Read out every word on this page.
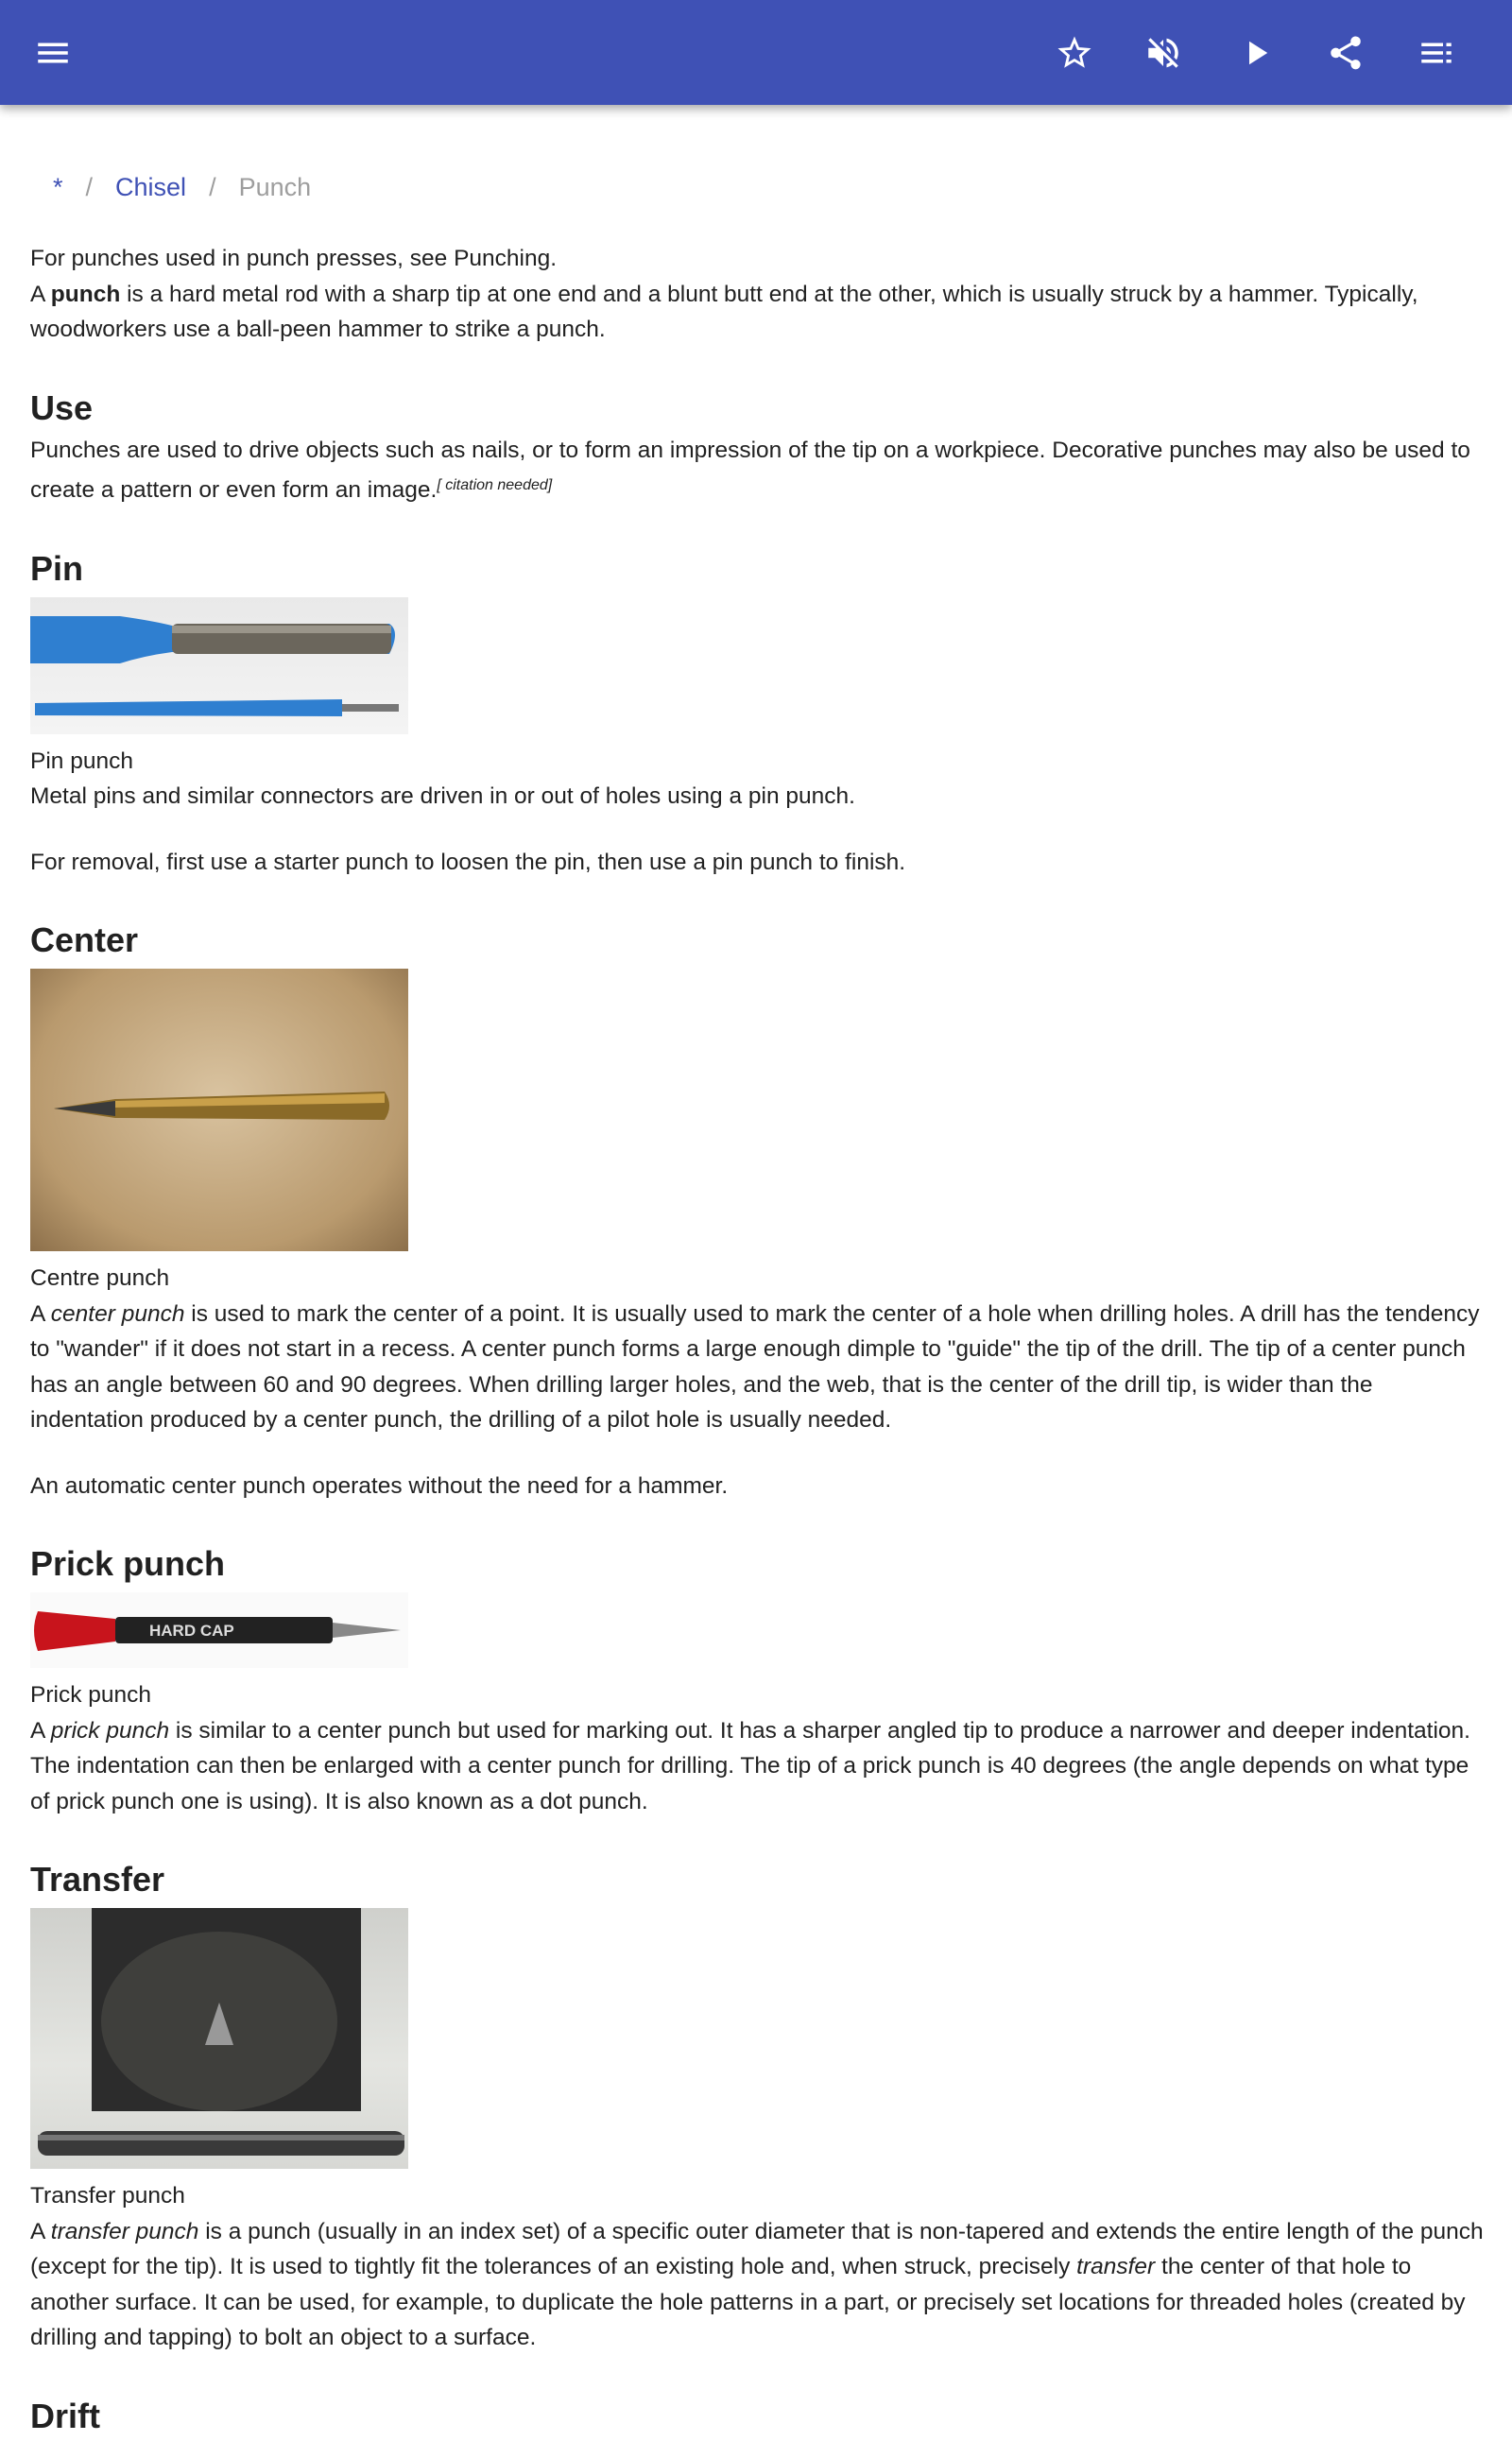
* / Chisel / Punch

For punches used in punch presses, see Punching.

A punch is a hard metal rod with a sharp tip at one end and a blunt butt end at the other, which is usually struck by a hammer. Typically, woodworkers use a ball-peen hammer to strike a punch.

Use

Punches are used to drive objects such as nails, or to form an impression of the tip on a workpiece. Decorative punches may also be used to create a pattern or even form an image.[ citation needed]

Pin

Pin punch

Metal pins and similar connectors are driven in or out of holes using a pin punch.

For removal, first use a starter punch to loosen the pin, then use a pin punch to finish.

Center

Centre punch

A center punch is used to mark the center of a point. It is usually used to mark the center of a hole when drilling holes. A drill has the tendency to "wander" if it does not start in a recess. A center punch forms a large enough dimple to "guide" the tip of the drill. The tip of a center punch has an angle between 60 and 90 degrees. When drilling larger holes, and the web, that is the center of the drill tip, is wider than the indentation produced by a center punch, the drilling of a pilot hole is usually needed.

An automatic center punch operates without the need for a hammer.

Prick punch
HARD CAP

Prick punch

A prick punch is similar to a center punch but used for marking out. It has a sharper angled tip to produce a narrower and deeper indentation. The indentation can then be enlarged with a center punch for drilling. The tip of a prick punch is 40 degrees (the angle depends on what type of prick punch one is using). It is also known as a dot punch.

Transfer

Transfer punch

A transfer punch is a punch (usually in an index set) of a specific outer diameter that is non-tapered and extends the entire length of the punch (except for the tip). It is used to tightly fit the tolerances of an existing hole and, when struck, precisely transfer the center of that hole to another surface. It can be used, for example, to duplicate the hole patterns in a part, or precisely set locations for threaded holes (created by drilling and tapping) to bolt an object to a surface.

Drift
